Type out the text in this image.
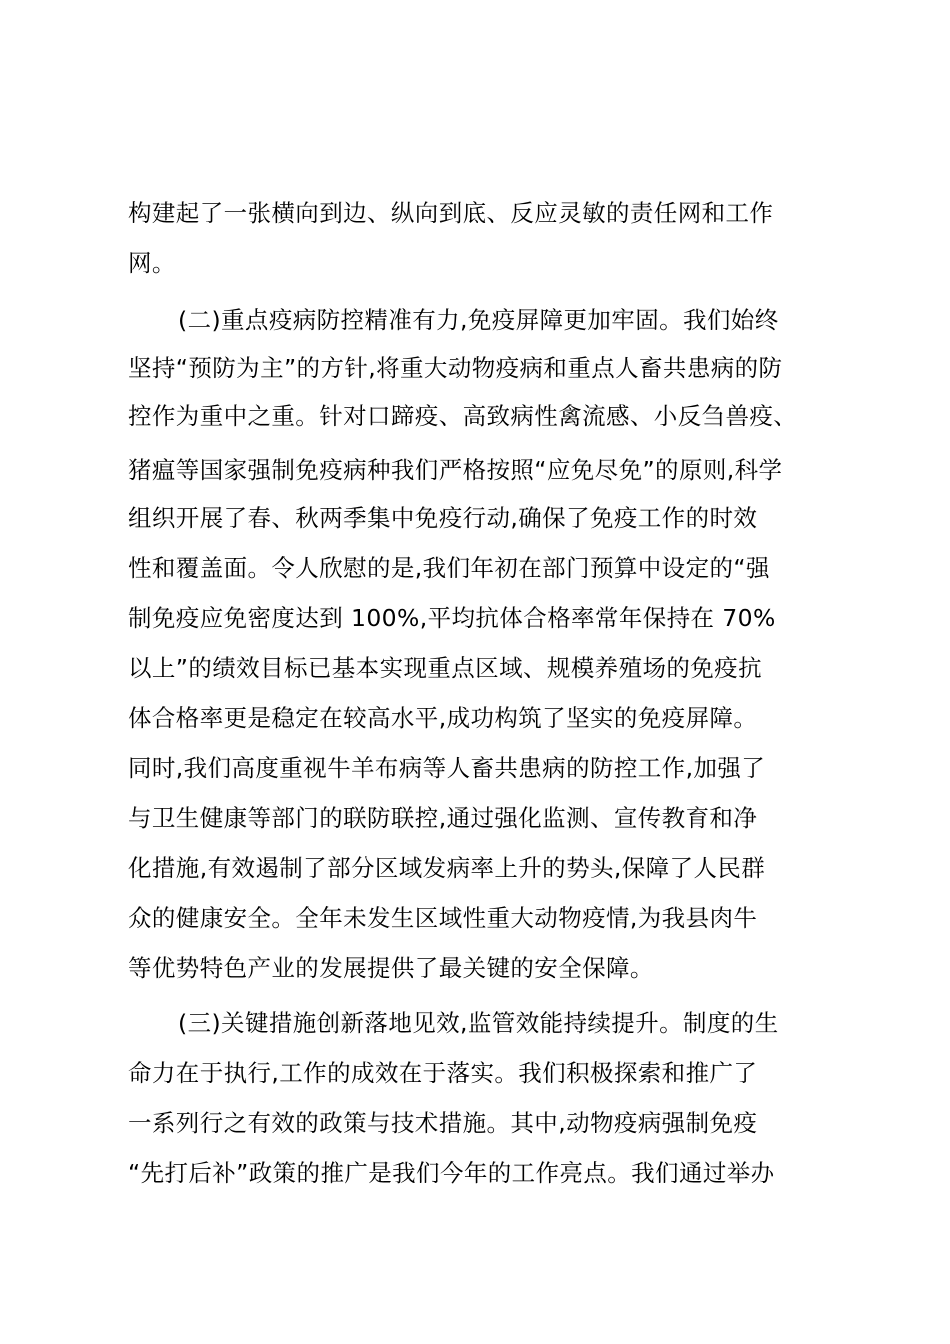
构建起了一张横向到边、纵向到底、反应灵敏的责任网和工作
网。
(二)重点疫病防控精准有力,免疫屏障更加牢固。我们始终
坚持“预防为主”的方针,将重大动物疫病和重点人畜共患病的防
控作为重中之重。针对口蹄疫、高致病性禽流感、小反刍兽疫、
猪瘟等国家强制免疫病种我们严格按照“应免尽免”的原则,科学
组织开展了春、秋两季集中免疫行动,确保了免疫工作的时效
性和覆盖面。令人欣慰的是,我们年初在部门预算中设定的“强
制免疫应免密度达到 100%,平均抗体合格率常年保持在 70%
以上”的绩效目标已基本实现重点区域、规模养殖场的免疫抗
体合格率更是稳定在较高水平,成功构筑了坚实的免疫屏障。
同时,我们高度重视牛羊布病等人畜共患病的防控工作,加强了
与卫生健康等部门的联防联控,通过强化监测、宣传教育和净
化措施,有效遏制了部分区域发病率上升的势头,保障了人民群
众的健康安全。全年未发生区域性重大动物疫情,为我县肉牛
等优势特色产业的发展提供了最关键的安全保障。
(三)关键措施创新落地见效,监管效能持续提升。制度的生
命力在于执行,工作的成效在于落实。我们积极探索和推广了
一系列行之有效的政策与技术措施。其中,动物疫病强制免疫
“先打后补”政策的推广是我们今年的工作亮点。我们通过举办
